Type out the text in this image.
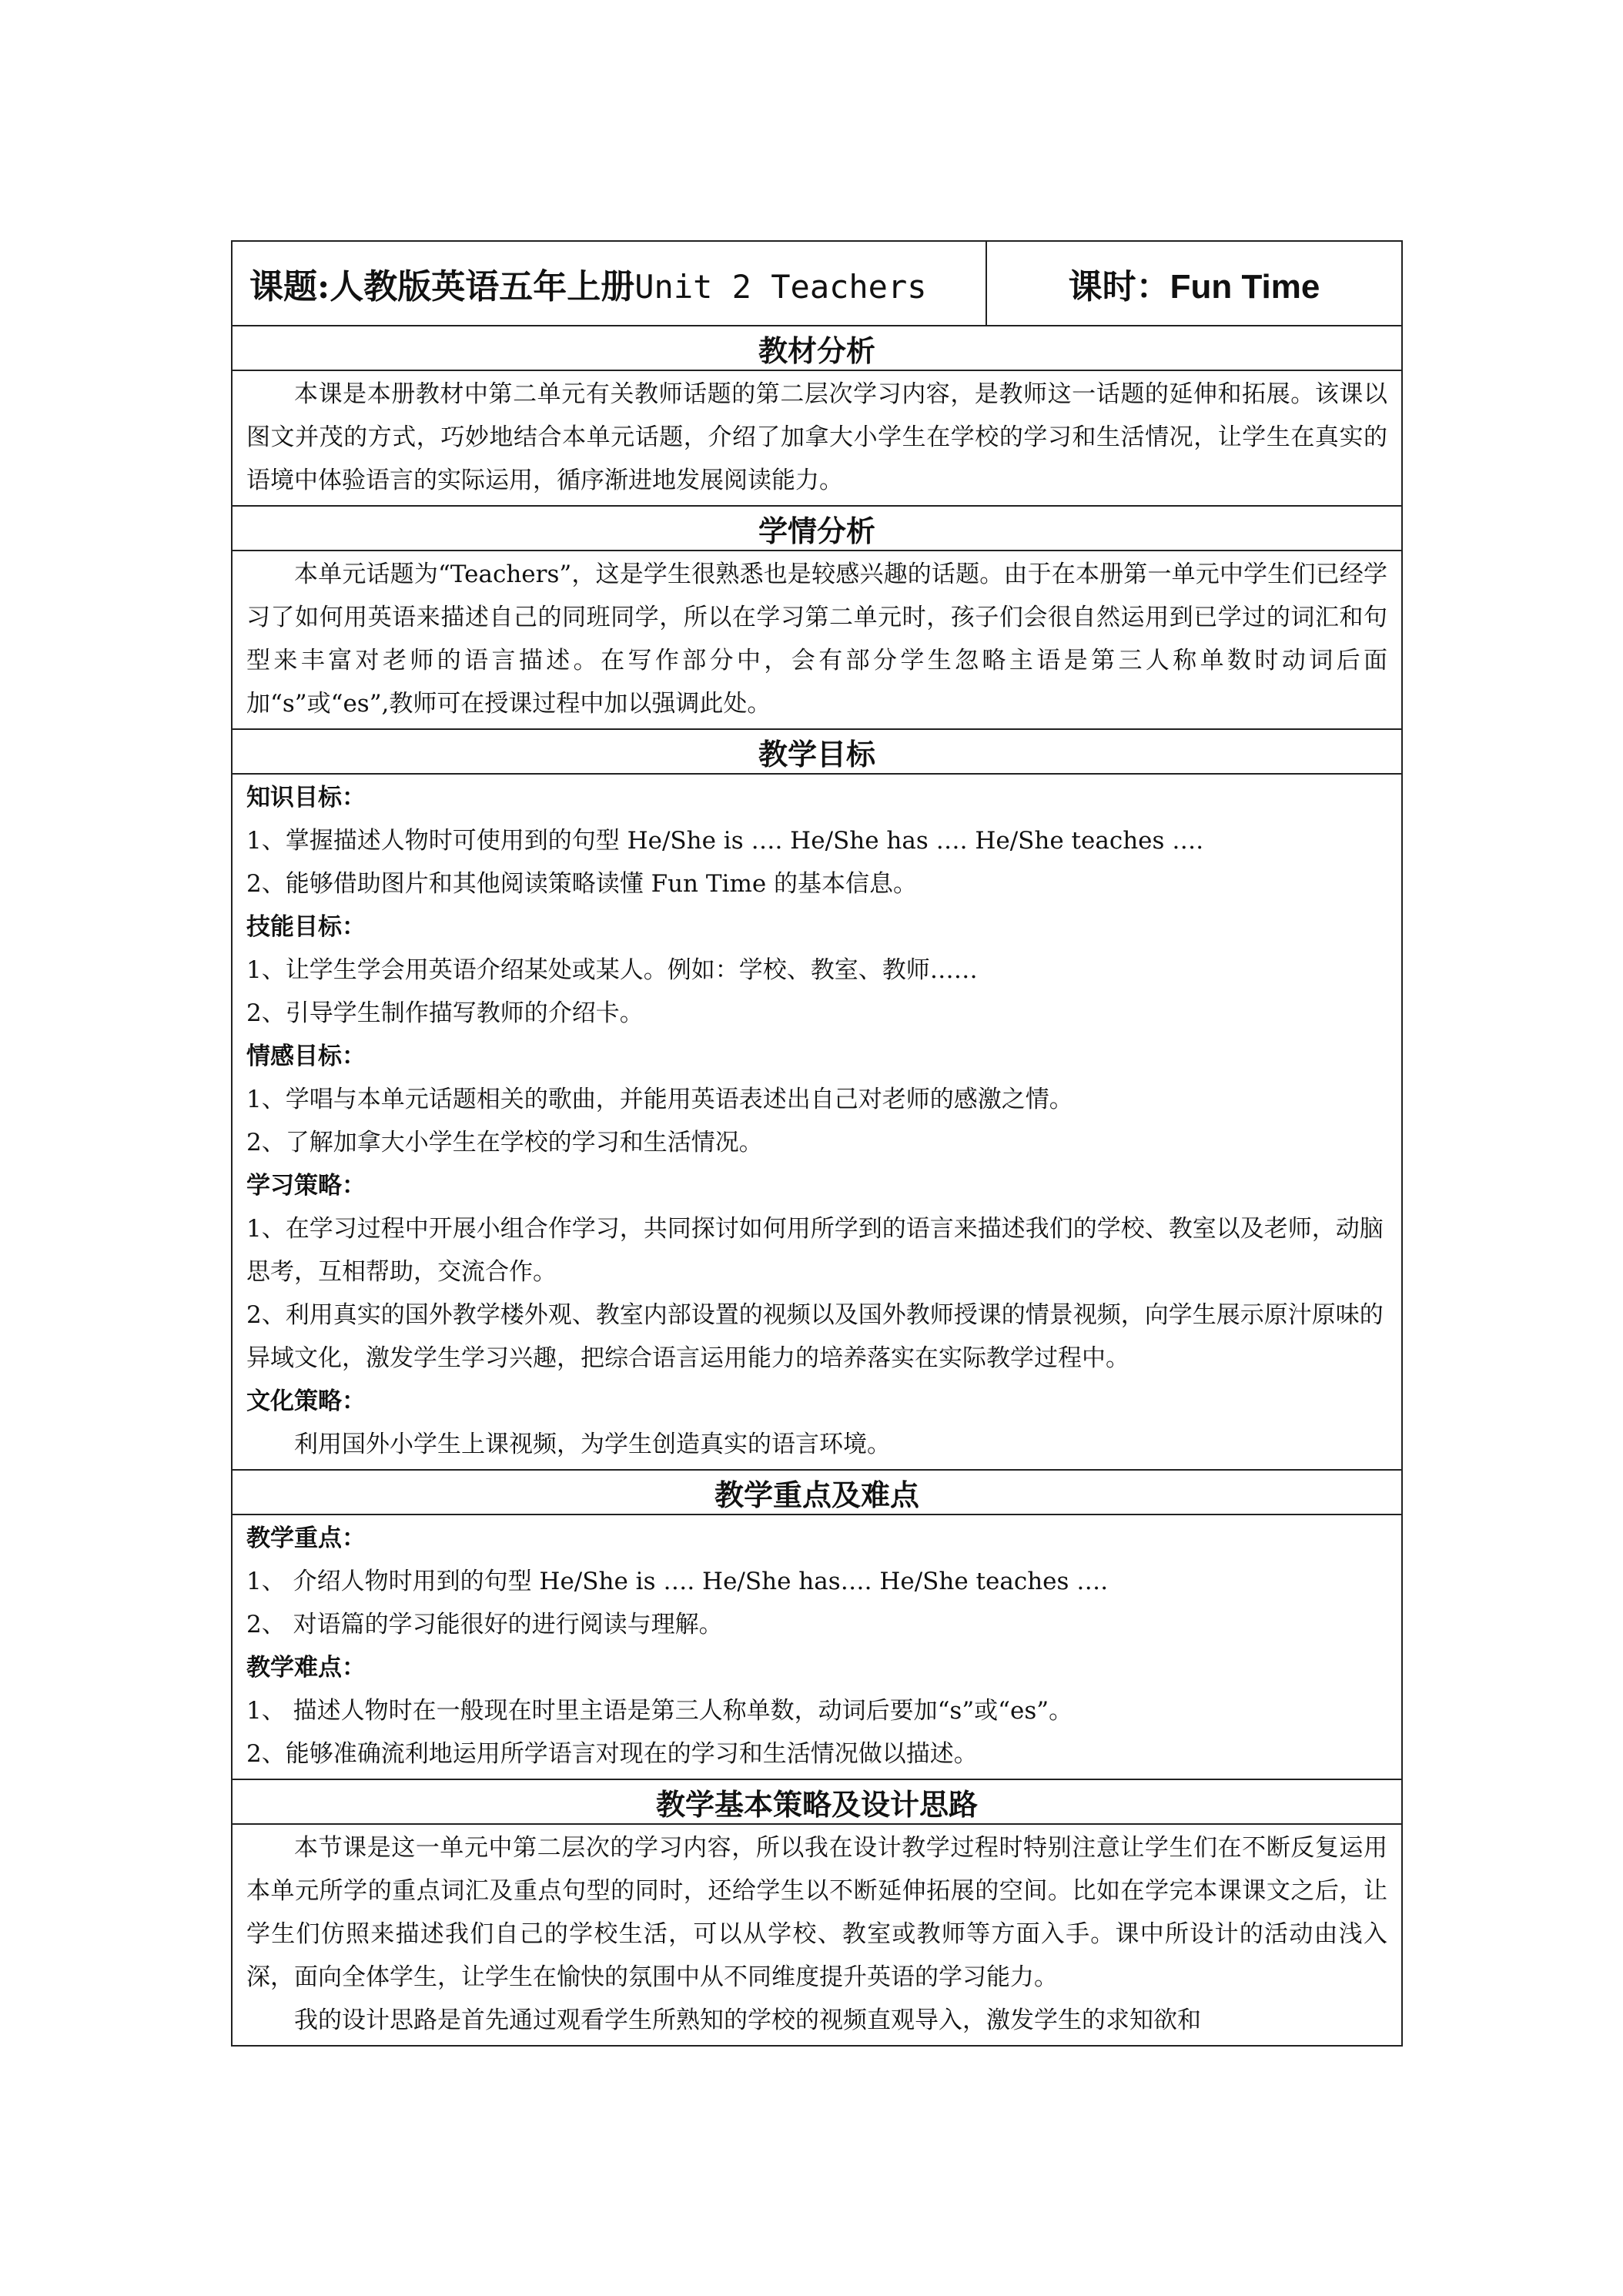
课题:人教版英语五年上册Unit 2 Teachers	课时：Fun Time
教材分析

本课是本册教材中第二单元有关教师话题的第二层次学习内容，是教师这一话题的延伸和拓展。该课以图文并茂的方式，巧妙地结合本单元话题，介绍了加拿大小学生在学校的学习和生活情况，让学生在真实的语境中体验语言的实际运用，循序渐进地发展阅读能力。

学情分析

本单元话题为“Teachers”，这是学生很熟悉也是较感兴趣的话题。由于在本册第一单元中学生们已经学习了如何用英语来描述自己的同班同学，所以在学习第二单元时，孩子们会很自然运用到已学过的词汇和句型来丰富对老师的语言描述。在写作部分中，会有部分学生忽略主语是第三人称单数时动词后面加“s”或“es”,教师可在授课过程中加以强调此处。

教学目标

知识目标：

1、掌握描述人物时可使用到的句型 He/She is …. He/She has …. He/She teaches ….

2、能够借助图片和其他阅读策略读懂 Fun Time 的基本信息。

技能目标：

1、让学生学会用英语介绍某处或某人。例如：学校、教室、教师……

2、引导学生制作描写教师的介绍卡。

情感目标：

1、学唱与本单元话题相关的歌曲，并能用英语表述出自己对老师的感激之情。

2、了解加拿大小学生在学校的学习和生活情况。

学习策略：

1、在学习过程中开展小组合作学习，共同探讨如何用所学到的语言来描述我们的学校、教室以及老师，动脑思考，互相帮助，交流合作。

2、利用真实的国外教学楼外观、教室内部设置的视频以及国外教师授课的情景视频，向学生展示原汁原味的异域文化，激发学生学习兴趣，把综合语言运用能力的培养落实在实际教学过程中。

文化策略：

利用国外小学生上课视频，为学生创造真实的语言环境。

教学重点及难点

教学重点：

1、 介绍人物时用到的句型 He/She is …. He/She has…. He/She teaches ….

2、 对语篇的学习能很好的进行阅读与理解。

教学难点：

1、 描述人物时在一般现在时里主语是第三人称单数，动词后要加“s”或“es”。

2、能够准确流利地运用所学语言对现在的学习和生活情况做以描述。

教学基本策略及设计思路

本节课是这一单元中第二层次的学习内容，所以我在设计教学过程时特别注意让学生们在不断反复运用本单元所学的重点词汇及重点句型的同时，还给学生以不断延伸拓展的空间。比如在学完本课课文之后，让学生们仿照来描述我们自己的学校生活，可以从学校、教室或教师等方面入手。课中所设计的活动由浅入深，面向全体学生，让学生在愉快的氛围中从不同维度提升英语的学习能力。

我的设计思路是首先通过观看学生所熟知的学校的视频直观导入，激发学生的求知欲和
